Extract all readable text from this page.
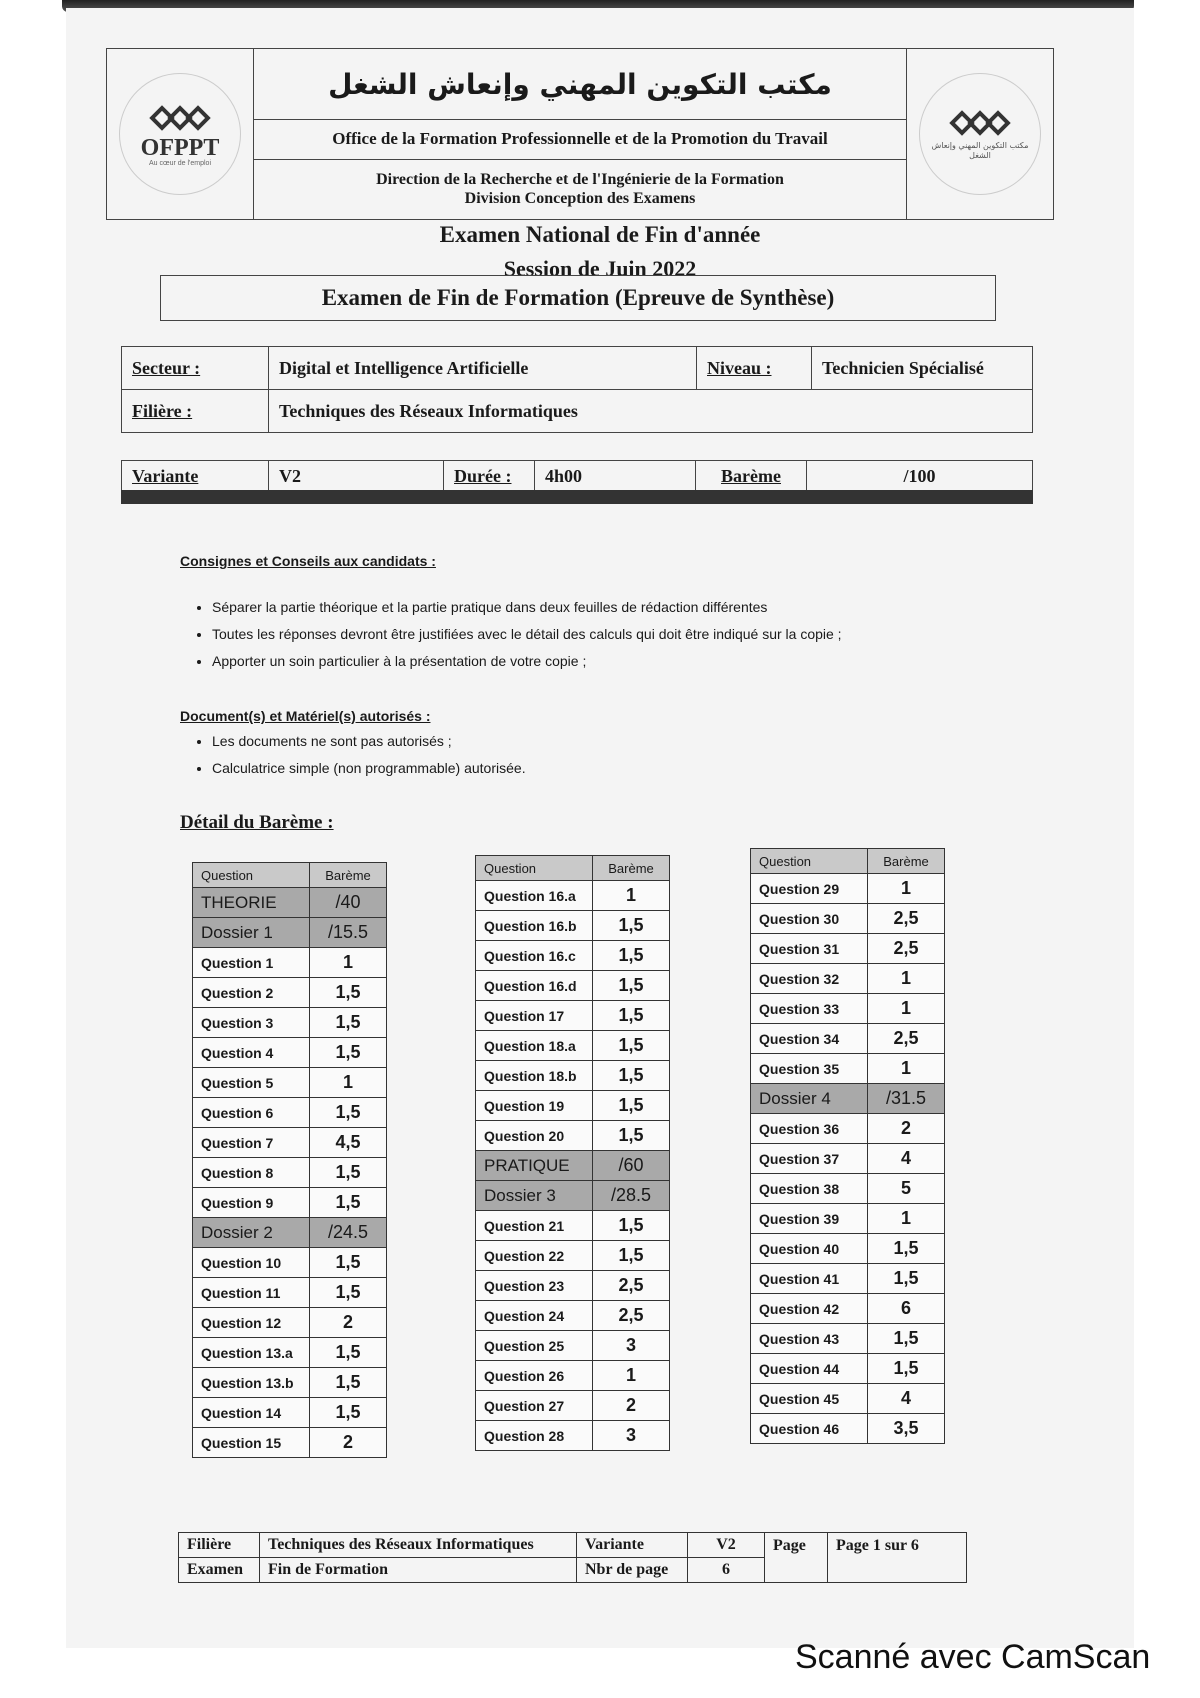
OFPPT
Au cœur de l'emploi
مكتب التكوين المهني وإنعاش الشغل
Office de la Formation Professionnelle et de la Promotion du Travail
Direction de la Recherche et de l'Ingénierie de la Formation
Division Conception des Examens
مكتب التكوين المهني وإنعاش الشغل
Examen National de Fin d'année
Session de Juin 2022
Examen de Fin de Formation (Epreuve de Synthèse)
Secteur :	Digital et Intelligence Artificielle	Niveau :	Technicien Spécialisé
Filière :	Techniques des Réseaux Informatiques		
Variante	V2	Durée :	4h00	Barème	/100
Consignes et Conseils aux candidats :
• Séparer la partie théorique et la partie pratique dans deux feuilles de rédaction différentes
• Toutes les réponses devront être justifiées avec le détail des calculs qui doit être indiqué sur la copie ;
• Apporter un soin particulier à la présentation de votre copie ;
Document(s) et Matériel(s) autorisés :
• Les documents ne sont pas autorisés ;
• Calculatrice simple (non programmable) autorisée.
Détail du Barème :
Question	Barème
THEORIE	/40
Dossier 1	/15.5
Question 1	1
Question 2	1,5
Question 3	1,5
Question 4	1,5
Question 5	1
Question 6	1,5
Question 7	4,5
Question 8	1,5
Question 9	1,5
Dossier 2	/24.5
Question 10	1,5
Question 11	1,5
Question 12	2
Question 13.a	1,5
Question 13.b	1,5
Question 14	1,5
Question 15	2
Question	Barème
Question 16.a	1
Question 16.b	1,5
Question 16.c	1,5
Question 16.d	1,5
Question 17	1,5
Question 18.a	1,5
Question 18.b	1,5
Question 19	1,5
Question 20	1,5
PRATIQUE	/60
Dossier 3	/28.5
Question 21	1,5
Question 22	1,5
Question 23	2,5
Question 24	2,5
Question 25	3
Question 26	1
Question 27	2
Question 28	3
Question	Barème
Question 29	1
Question 30	2,5
Question 31	2,5
Question 32	1
Question 33	1
Question 34	2,5
Question 35	1
Dossier 4	/31.5
Question 36	2
Question 37	4
Question 38	5
Question 39	1
Question 40	1,5
Question 41	1,5
Question 42	6
Question 43	1,5
Question 44	1,5
Question 45	4
Question 46	3,5
Filière	Techniques des Réseaux Informatiques	Variante	V2	Page	Page 1 sur 6
Examen	Fin de Formation	Nbr de page	6		
Scanné avec CamScan
